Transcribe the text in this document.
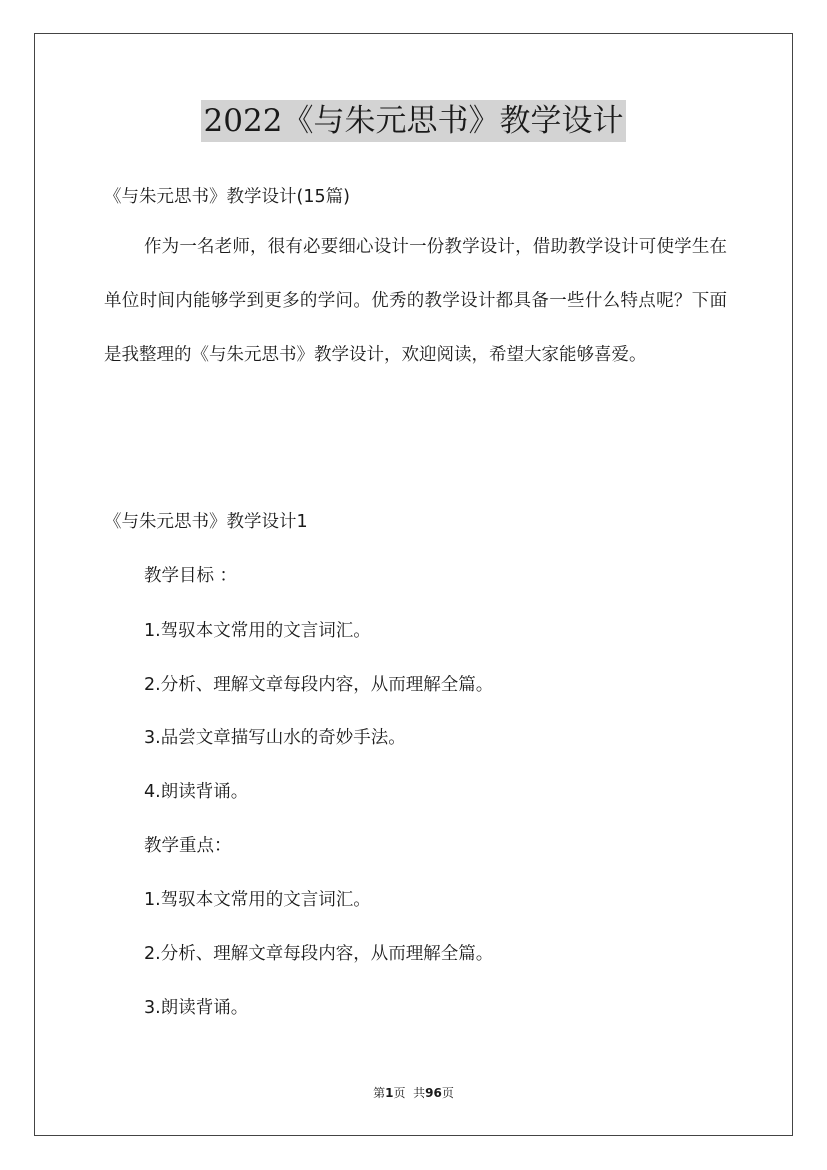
2022《与朱元思书》教学设计
《与朱元思书》教学设计(15篇)
作为一名老师，很有必要细心设计一份教学设计，借助教学设计可使学生在单位时间内能够学到更多的学问。优秀的教学设计都具备一些什么特点呢？下面是我整理的《与朱元思书》教学设计，欢迎阅读，希望大家能够喜爱。
《与朱元思书》教学设计1
教学目标 ：
1.驾驭本文常用的文言词汇。
2.分析、理解文章每段内容，从而理解全篇。
3.品尝文章描写山水的奇妙手法。
4.朗读背诵。
教学重点：
1.驾驭本文常用的文言词汇。
2.分析、理解文章每段内容，从而理解全篇。
3.朗读背诵。
第1页  共96页
